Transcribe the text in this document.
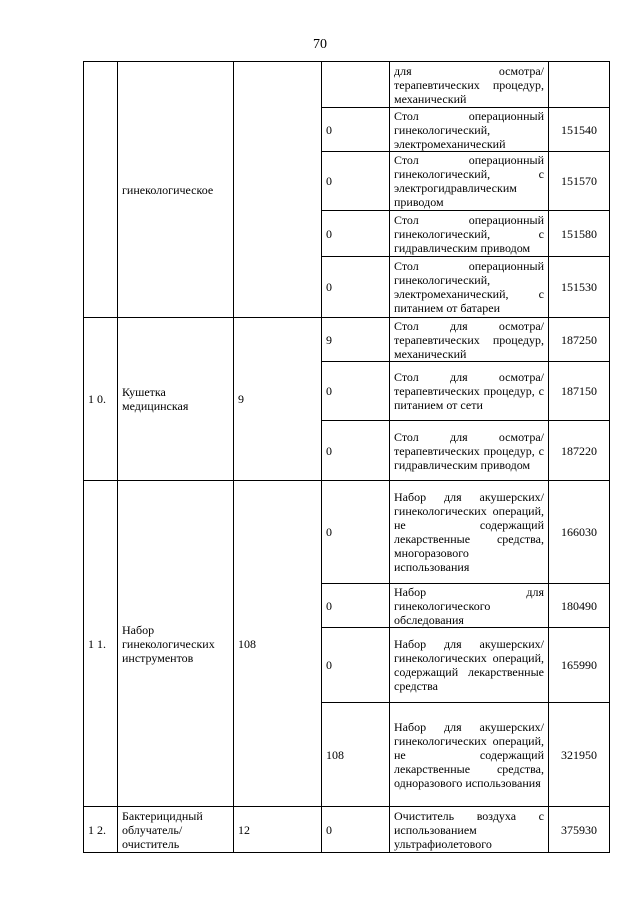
70
	гинекологическое			для осмотра/терапевтических процедур, механический	
			0	Стол операционный гинекологический, электромеханический	151540
			0	Стол операционный гинекологический, с электрогидравлическим приводом	151570
			0	Стол операционный гинекологический, с гидравлическим приводом	151580
			0	Стол операционный гинекологический, электромеханический, с питанием от батареи	151530
1 0.	Кушетка медицинская	9	9	Стол для осмотра/терапевтических процедур, механический	187250
			0	Стол для осмотра/терапевтических процедур, с питанием от сети	187150
			0	Стол для осмотра/терапевтических процедур, с гидравлическим приводом	187220
1 1.	Набор гинекологических инструментов	108	0	Набор для акушерских/гинекологических операций, не содержащий лекарственные средства, многоразового использования	166030
			0	Набор для гинекологического обследования	180490
			0	Набор для акушерских/гинекологических операций, содержащий лекарственные средства	165990
			108	Набор для акушерских/гинекологических операций, не содержащий лекарственные средства, одноразового использования	321950
1 2.	Бактерицидный облучатель/очиститель	12	0	Очиститель воздуха с использованием ультрафиолетового	375930
